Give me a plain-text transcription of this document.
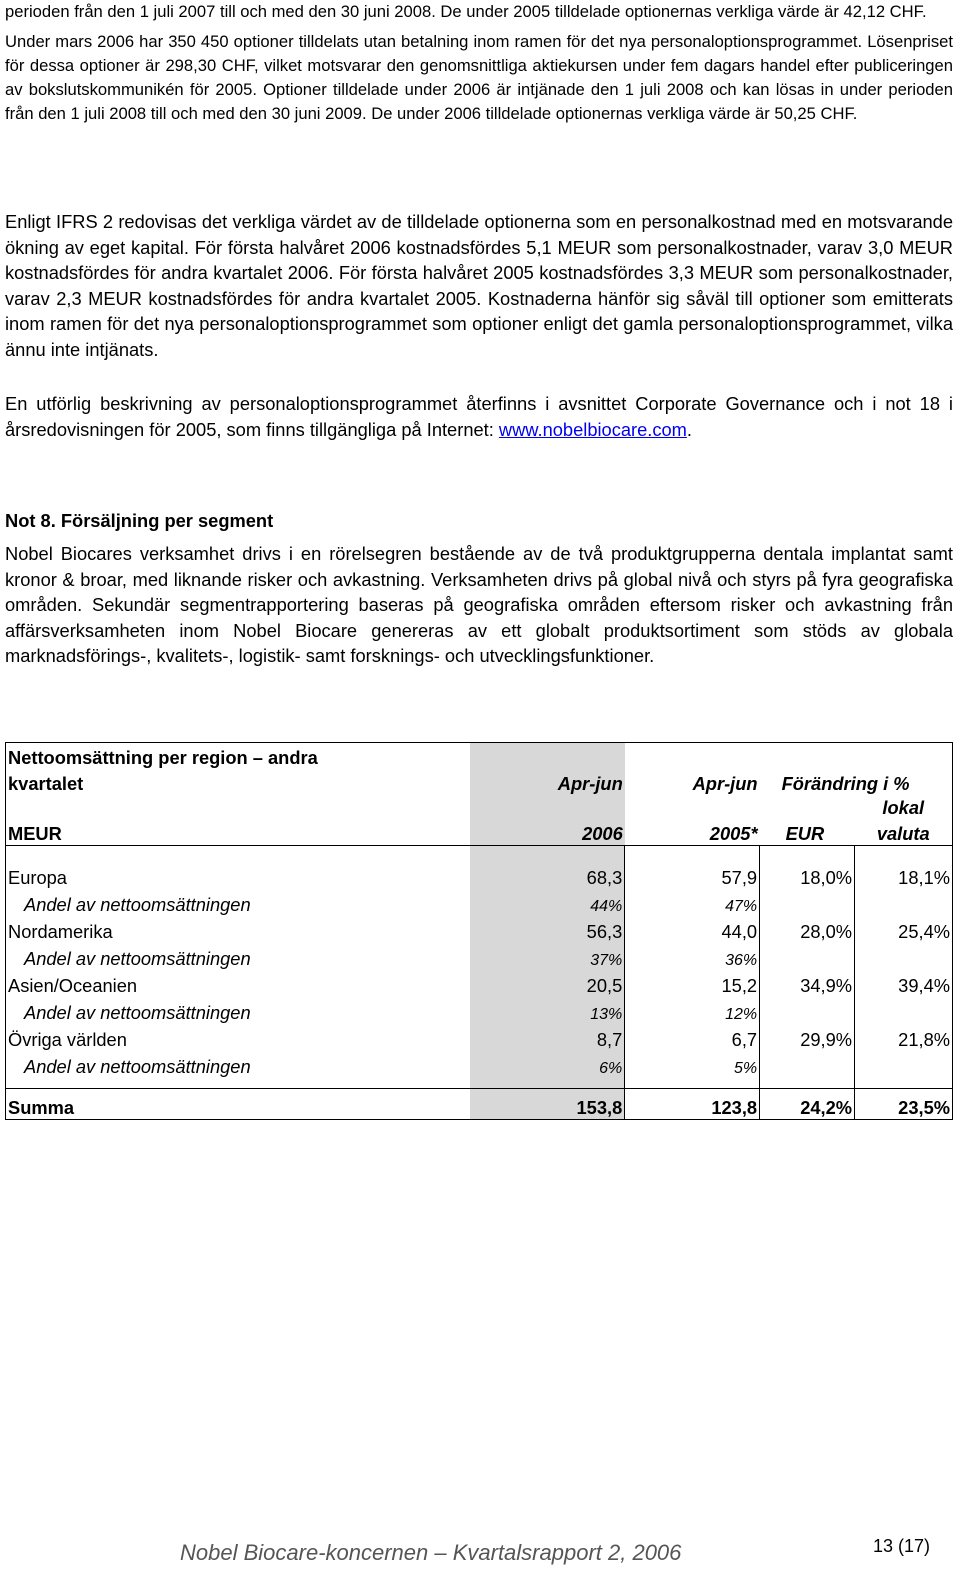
perioden från den 1 juli 2007 till och med den 30 juni 2008. De under 2005 tilldelade optionernas verkliga värde är 42,12 CHF.

Under mars 2006 har 350 450 optioner tilldelats utan betalning inom ramen för det nya personaloptionsprogrammet. Lösenpriset för dessa optioner är 298,30 CHF, vilket motsvarar den genomsnittliga aktiekursen under fem dagars handel efter publiceringen av bokslutskommunikén för 2005. Optioner tilldelade under 2006 är intjänade den 1 juli 2008 och kan lösas in under perioden från den 1 juli 2008 till och med den 30 juni 2009. De under 2006 tilldelade optionernas verkliga värde är 50,25 CHF.

Enligt IFRS 2 redovisas det verkliga värdet av de tilldelade optionerna som en personalkostnad med en motsvarande ökning av eget kapital. För första halvåret 2006 kostnadsfördes 5,1 MEUR som personalkostnader, varav 3,0 MEUR kostnadsfördes för andra kvartalet 2006. För första halvåret 2005 kostnadsfördes 3,3 MEUR som personalkostnader, varav 2,3 MEUR kostnadsfördes för andra kvartalet 2005. Kostnaderna hänför sig såväl till optioner som emitterats inom ramen för det nya personaloptionsprogrammet som optioner enligt det gamla personaloptionsprogrammet, vilka ännu inte intjänats.

En utförlig beskrivning av personaloptionsprogrammet återfinns i avsnittet Corporate Governance och i not 18 i årsredovisningen för 2005, som finns tillgängliga på Internet: www.nobelbiocare.com.

Not 8. Försäljning per segment

Nobel Biocares verksamhet drivs i en rörelsegren bestående av de två produktgrupperna dentala implantat samt kronor & broar, med liknande risker och avkastning. Verksamheten drivs på global nivå och styrs på fyra geografiska områden. Sekundär segmentrapportering baseras på geografiska områden eftersom risker och avkastning från affärsverksamheten inom Nobel Biocare genereras av ett globalt produktsortiment som stöds av globala marknadsförings-, kvalitets-, logistik- samt forsknings- och utvecklingsfunktioner.

Nettoomsättning per region – andra				
kvartalet	Apr-jun	Apr-jun	Förändring i %	
				lokal
MEUR	2006	2005*	EUR	valuta

Europa	68,3	57,9	18,0%	18,1%
Andel av nettoomsättningen	44%	47%		
Nordamerika	56,3	44,0	28,0%	25,4%
Andel av nettoomsättningen	37%	36%		
Asien/Oceanien	20,5	15,2	34,9%	39,4%
Andel av nettoomsättningen	13%	12%		
Övriga världen	8,7	6,7	29,9%	21,8%
Andel av nettoomsättningen	6%	5%		

Summa	153,8	123,8	24,2%	23,5%
Nobel Biocare-koncernen – Kvartalsrapport 2, 2006	13 (17)
